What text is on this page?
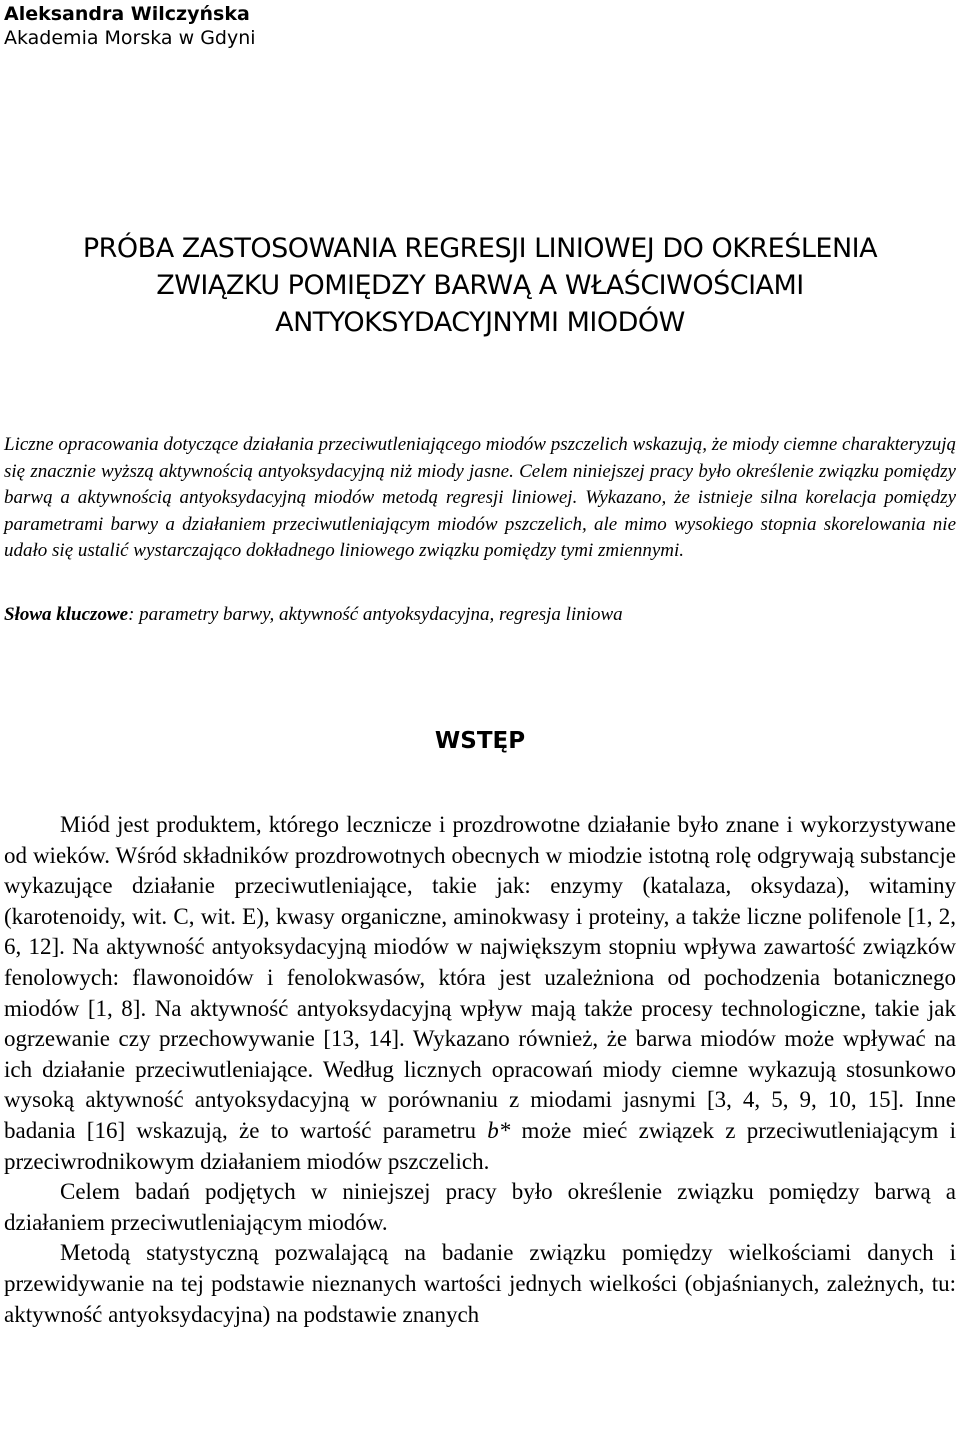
Aleksandra Wilczyńska
Akademia Morska w Gdyni
PRÓBA ZASTOSOWANIA REGRESJI LINIOWEJ DO OKREŚLENIA
ZWIĄZKU POMIĘDZY BARWĄ A WŁAŚCIWOŚCIAMI
ANTYOKSYDACYJNYMI MIODÓW
Liczne opracowania dotyczące działania przeciwutleniającego miodów pszczelich wskazują, że miody ciemne charakteryzują się znacznie wyższą aktywnością antyoksydacyjną niż miody jasne. Celem niniejszej pracy było określenie związku pomiędzy barwą a aktywnością antyoksydacyjną miodów metodą regresji liniowej. Wykazano, że istnieje silna korelacja pomiędzy parametrami barwy a działaniem przeciwutleniającym miodów pszczelich, ale mimo wysokiego stopnia skorelowania nie udało się ustalić wystarczająco dokładnego liniowego związku pomiędzy tymi zmiennymi.
Słowa kluczowe: parametry barwy, aktywność antyoksydacyjna, regresja liniowa
WSTĘP

Miód jest produktem, którego lecznicze i prozdrowotne działanie było znane i wykorzystywane od wieków. Wśród składników prozdrowotnych obecnych w miodzie istotną rolę odgrywają substancje wykazujące działanie przeciwutleniające, takie jak: enzymy (katalaza, oksydaza), witaminy (karotenoidy, wit. C, wit. E), kwasy organiczne, aminokwasy i proteiny, a także liczne polifenole [1, 2, 6, 12]. Na aktywność antyoksydacyjną miodów w największym stopniu wpływa zawartość związków fenolowych: flawonoidów i fenolokwasów, która jest uzależniona od pochodzenia botanicznego miodów [1, 8]. Na aktywność antyoksydacyjną wpływ mają także procesy technologiczne, takie jak ogrzewanie czy przechowywanie [13, 14]. Wykazano również, że barwa miodów może wpływać na ich działanie przeciwutleniające. Według licznych opracowań miody ciemne wykazują stosunkowo wysoką aktywność antyoksydacyjną w porównaniu z miodami jasnymi [3, 4, 5, 9, 10, 15]. Inne badania [16] wskazują, że to wartość parametru b* może mieć związek z przeciwutleniającym i przeciwrodnikowym działaniem miodów pszczelich.

Celem badań podjętych w niniejszej pracy było określenie związku pomiędzy barwą a działaniem przeciwutleniającym miodów.

Metodą statystyczną pozwalającą na badanie związku pomiędzy wielkościami danych i przewidywanie na tej podstawie nieznanych wartości jednych wielkości (objaśnianych, zależnych, tu: aktywność antyoksydacyjna) na podstawie znanych
